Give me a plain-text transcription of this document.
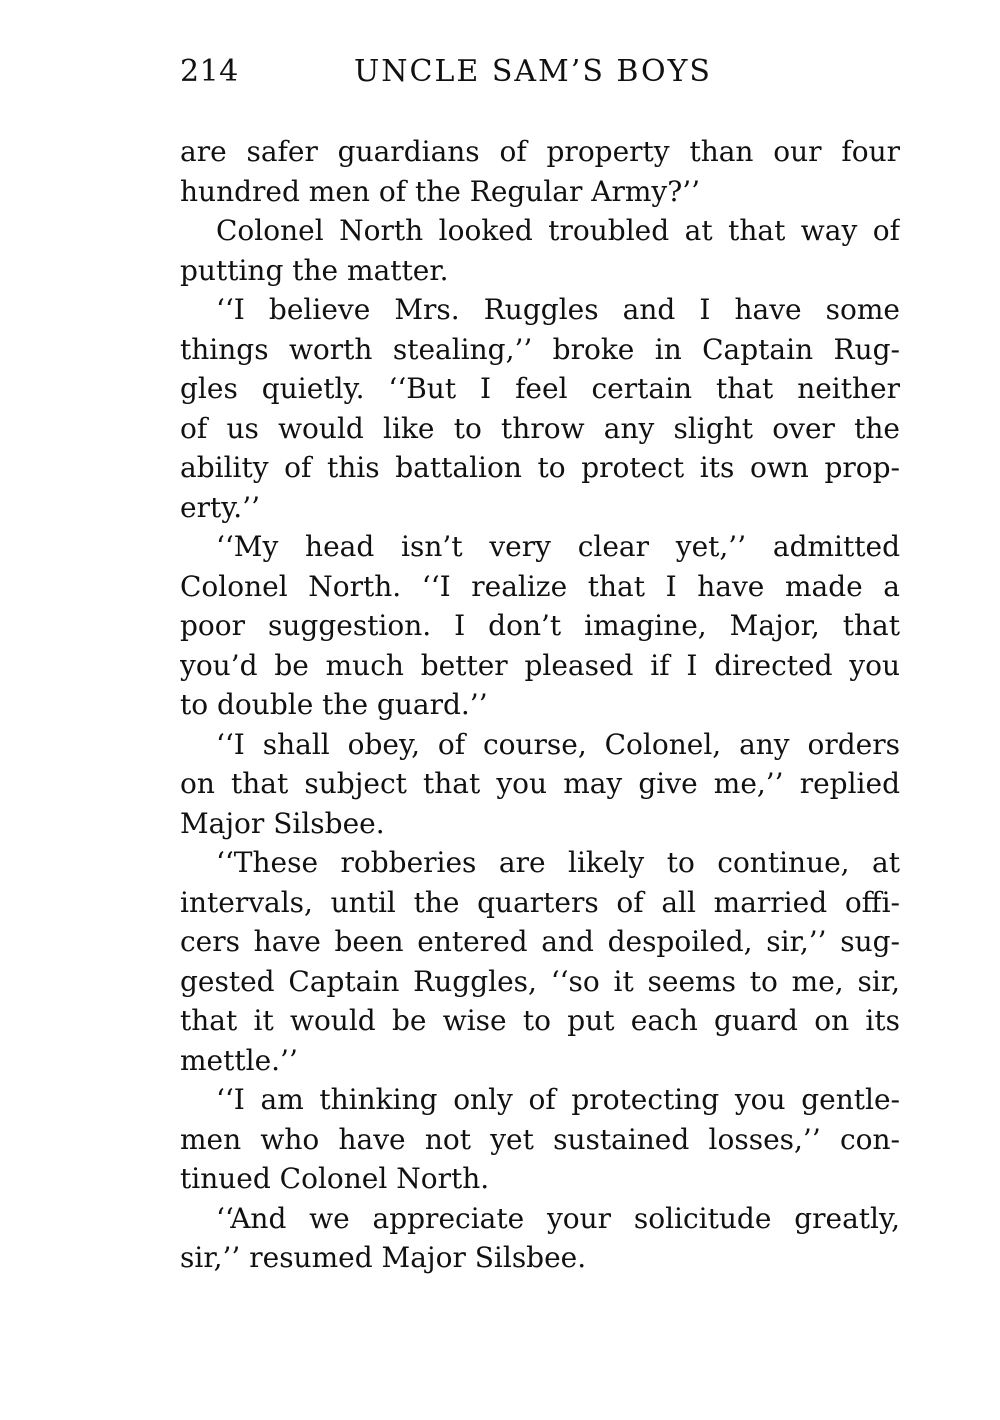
214	UNCLE SAM’S BOYS
are safer guardians of property than our four
hundred men of the Regular Army?’’
Colonel North looked troubled at that way of
putting the matter.
‘‘I believe Mrs. Ruggles and I have some
things worth stealing,’’ broke in Captain Rug-
gles quietly. ‘‘But I feel certain that neither
of us would like to throw any slight over the
ability of this battalion to protect its own prop-
erty.’’
‘‘My head isn’t very clear yet,’’ admitted
Colonel North. ‘‘I realize that I have made a
poor suggestion. I don’t imagine, Major, that
you’d be much better pleased if I directed you
to double the guard.’’
‘‘I shall obey, of course, Colonel, any orders
on that subject that you may give me,’’ replied
Major Silsbee.
‘‘These robberies are likely to continue, at
intervals, until the quarters of all married offi-
cers have been entered and despoiled, sir,’’ sug-
gested Captain Ruggles, ‘‘so it seems to me, sir,
that it would be wise to put each guard on its
mettle.’’
‘‘I am thinking only of protecting you gentle-
men who have not yet sustained losses,’’ con-
tinued Colonel North.
‘‘And we appreciate your solicitude greatly,
sir,’’ resumed Major Silsbee.
